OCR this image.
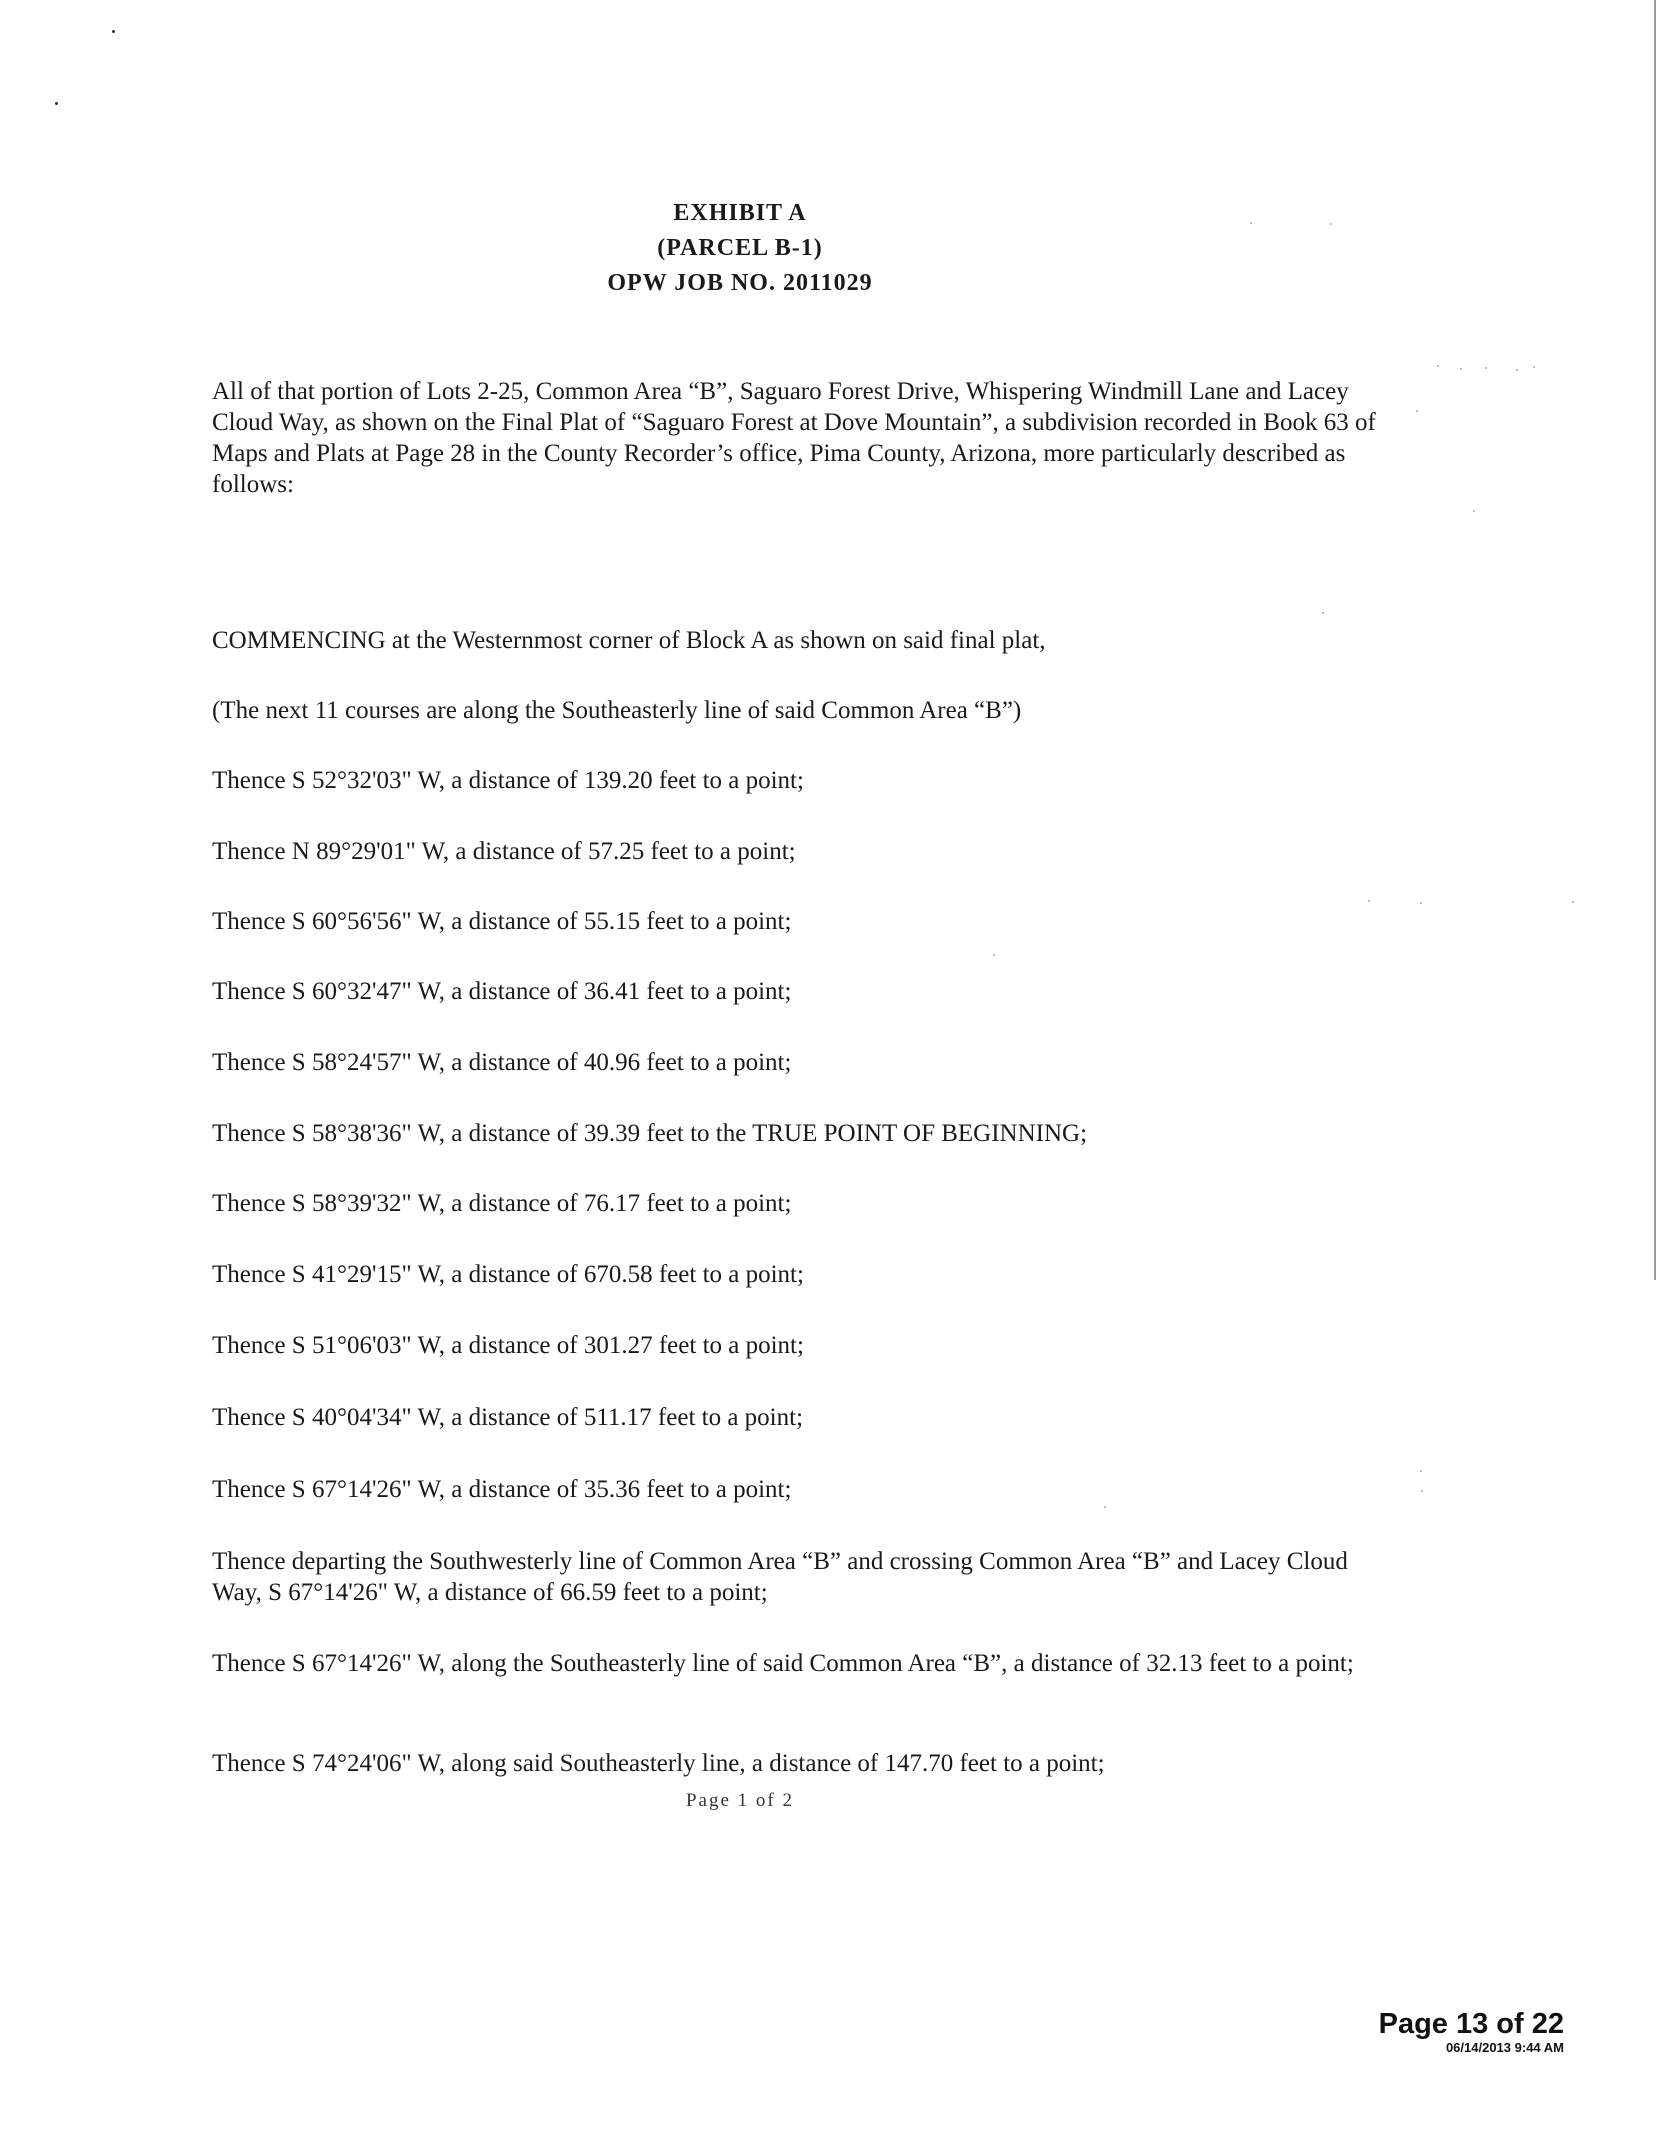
EXHIBIT A
(PARCEL B-1)
OPW JOB NO. 2011029
All of that portion of Lots 2-25, Common Area “B”, Saguaro Forest Drive, Whispering Windmill Lane and Lacey Cloud Way, as shown on the Final Plat of “Saguaro Forest at Dove Mountain”, a subdivision recorded in Book 63 of Maps and Plats at Page 28 in the County Recorder’s office, Pima County, Arizona, more particularly described as follows:
COMMENCING at the Westernmost corner of Block A as shown on said final plat,
(The next 11 courses are along the Southeasterly line of said Common Area “B”)
Thence S 52°32'03" W, a distance of 139.20 feet to a point;
Thence N 89°29'01" W, a distance of 57.25 feet to a point;
Thence S 60°56'56" W, a distance of 55.15 feet to a point;
Thence S 60°32'47" W, a distance of 36.41 feet to a point;
Thence S 58°24'57" W, a distance of 40.96 feet to a point;
Thence S 58°38'36" W, a distance of 39.39 feet to the TRUE POINT OF BEGINNING;
Thence S 58°39'32" W, a distance of 76.17 feet to a point;
Thence S 41°29'15" W, a distance of 670.58 feet to a point;
Thence S 51°06'03" W, a distance of 301.27 feet to a point;
Thence S 40°04'34" W, a distance of 511.17 feet to a point;
Thence S 67°14'26" W, a distance of 35.36 feet to a point;
Thence departing the Southwesterly line of Common Area “B” and crossing Common Area “B” and Lacey Cloud Way, S 67°14'26" W, a distance of 66.59 feet to a point;
Thence S 67°14'26" W, along the Southeasterly line of said Common Area “B”, a distance of 32.13 feet to a point;
Thence S 74°24'06" W, along said Southeasterly line, a distance of 147.70 feet to a point;
Page 1 of 2
Page 13 of 22
06/14/2013 9:44 AM
